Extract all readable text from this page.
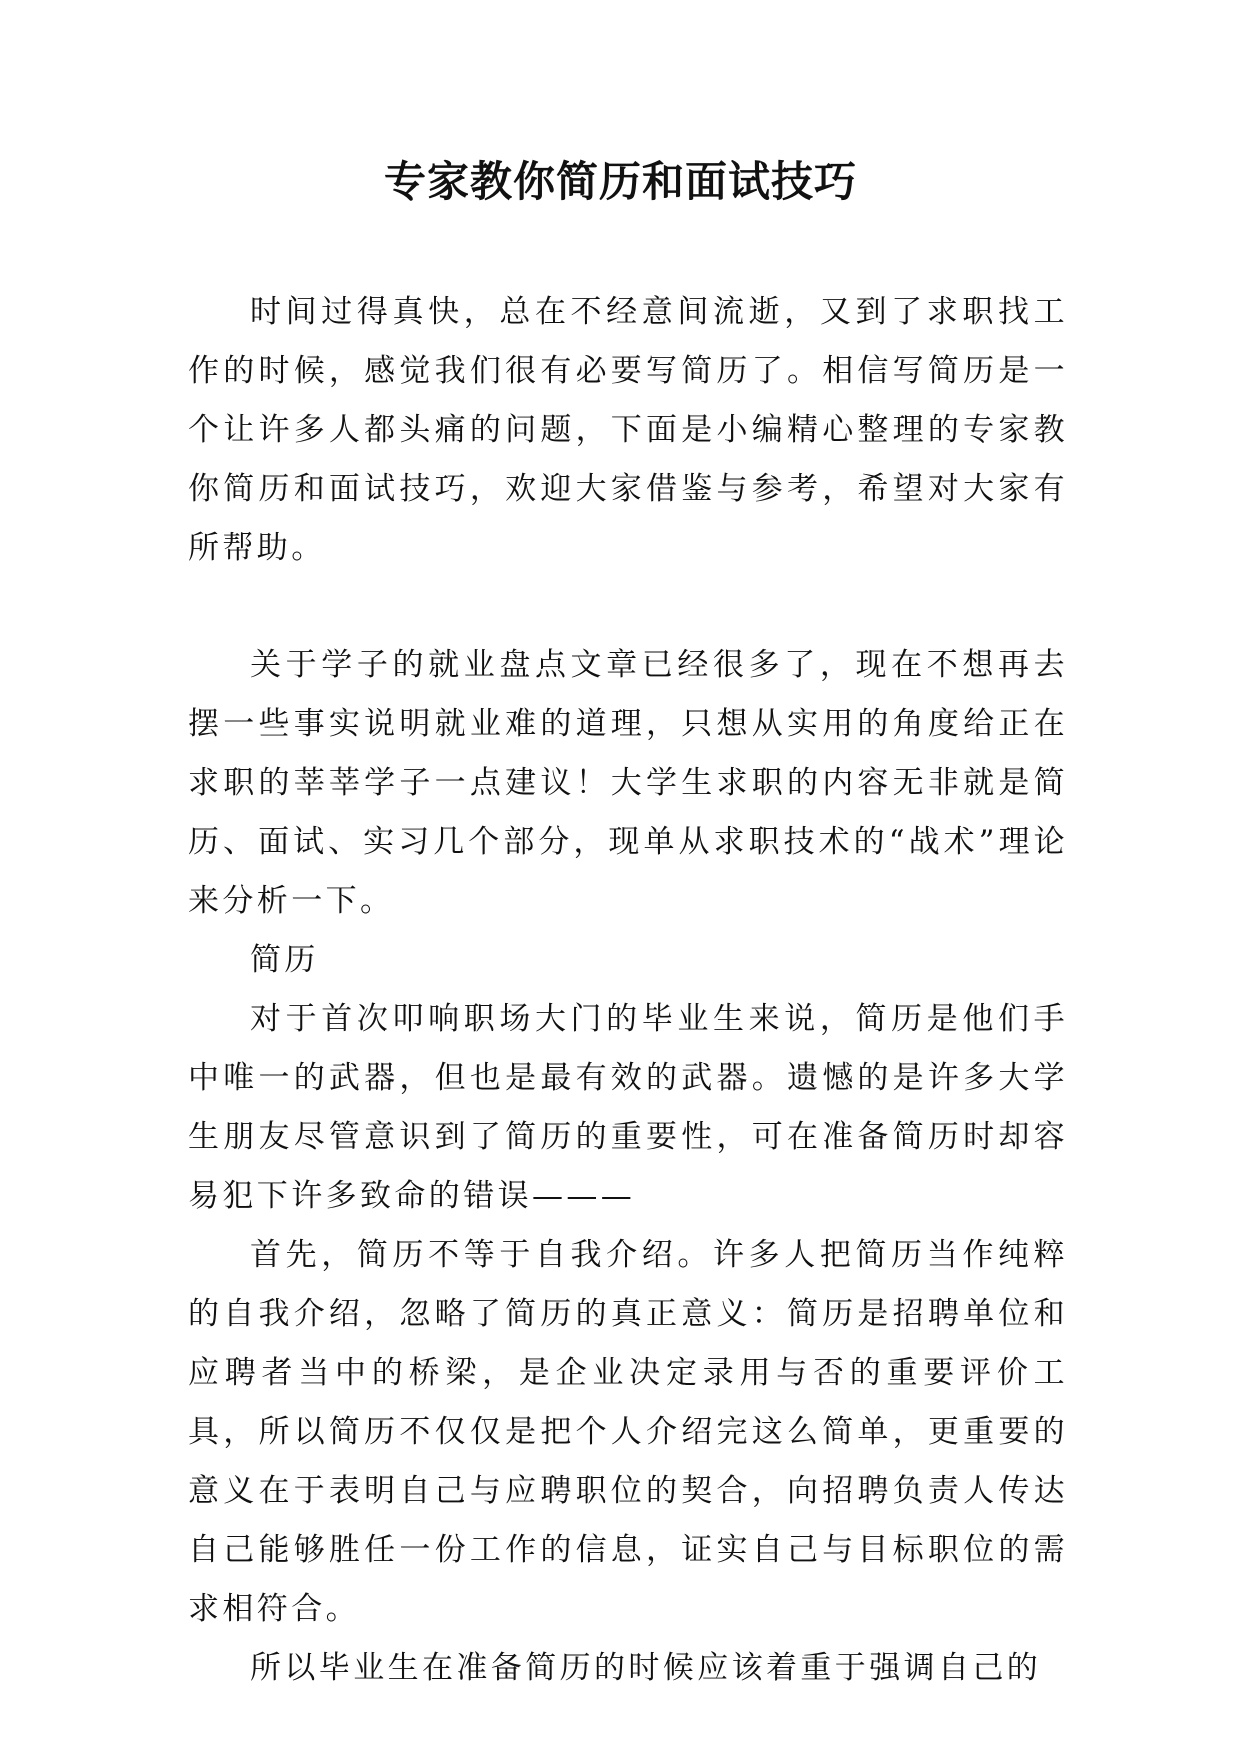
专家教你简历和面试技巧

时间过得真快，总在不经意间流逝，又到了求职找工作的时候，感觉我们很有必要写简历了。相信写简历是一个让许多人都头痛的问题，下面是小编精心整理的专家教你简历和面试技巧，欢迎大家借鉴与参考，希望对大家有所帮助。

关于学子的就业盘点文章已经很多了，现在不想再去摆一些事实说明就业难的道理，只想从实用的角度给正在求职的莘莘学子一点建议！大学生求职的内容无非就是简历、面试、实习几个部分，现单从求职技术的“战术”理论来分析一下。

简历

对于首次叩响职场大门的毕业生来说，简历是他们手中唯一的武器，但也是最有效的武器。遗憾的是许多大学生朋友尽管意识到了简历的重要性，可在准备简历时却容易犯下许多致命的错误———

首先，简历不等于自我介绍。许多人把简历当作纯粹的自我介绍，忽略了简历的真正意义：简历是招聘单位和应聘者当中的桥梁，是企业决定录用与否的重要评价工具，所以简历不仅仅是把个人介绍完这么简单，更重要的意义在于表明自己与应聘职位的契合，向招聘负责人传达自己能够胜任一份工作的信息，证实自己与目标职位的需求相符合。

所以毕业生在准备简历的时候应该着重于强调自己的
